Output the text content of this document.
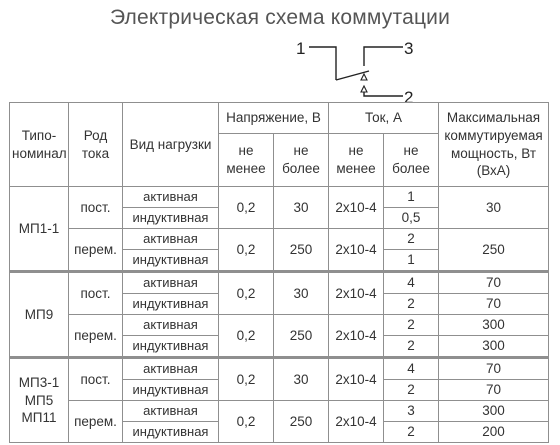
Электрическая схема коммутации
1	3
2
Типо-номинал	Род тока	Вид нагрузки	Напряжение, В		Ток, А		Максимальная коммутируемая мощность, Вт (ВхА)
			не менее	не более	не менее	не более	
МП1-1	пост.	активная	0,2	30	2x10-4	1	30
		индуктивная				0,5	
	перем.	активная	0,2	250	2x10-4	2	250
		индуктивная				1	
МП9	пост.	активная	0,2	30	2x10-4	4	70
		индуктивная				2	70
	перем.	активная	0,2	250	2x10-4	2	300
		индуктивная				2	300
МП3-1 МП5 МП11	пост.	активная	0,2	30	2x10-4	4	70
		индуктивная				2	70
	перем.	активная	0,2	250	2x10-4	3	300
		индуктивная				2	200
